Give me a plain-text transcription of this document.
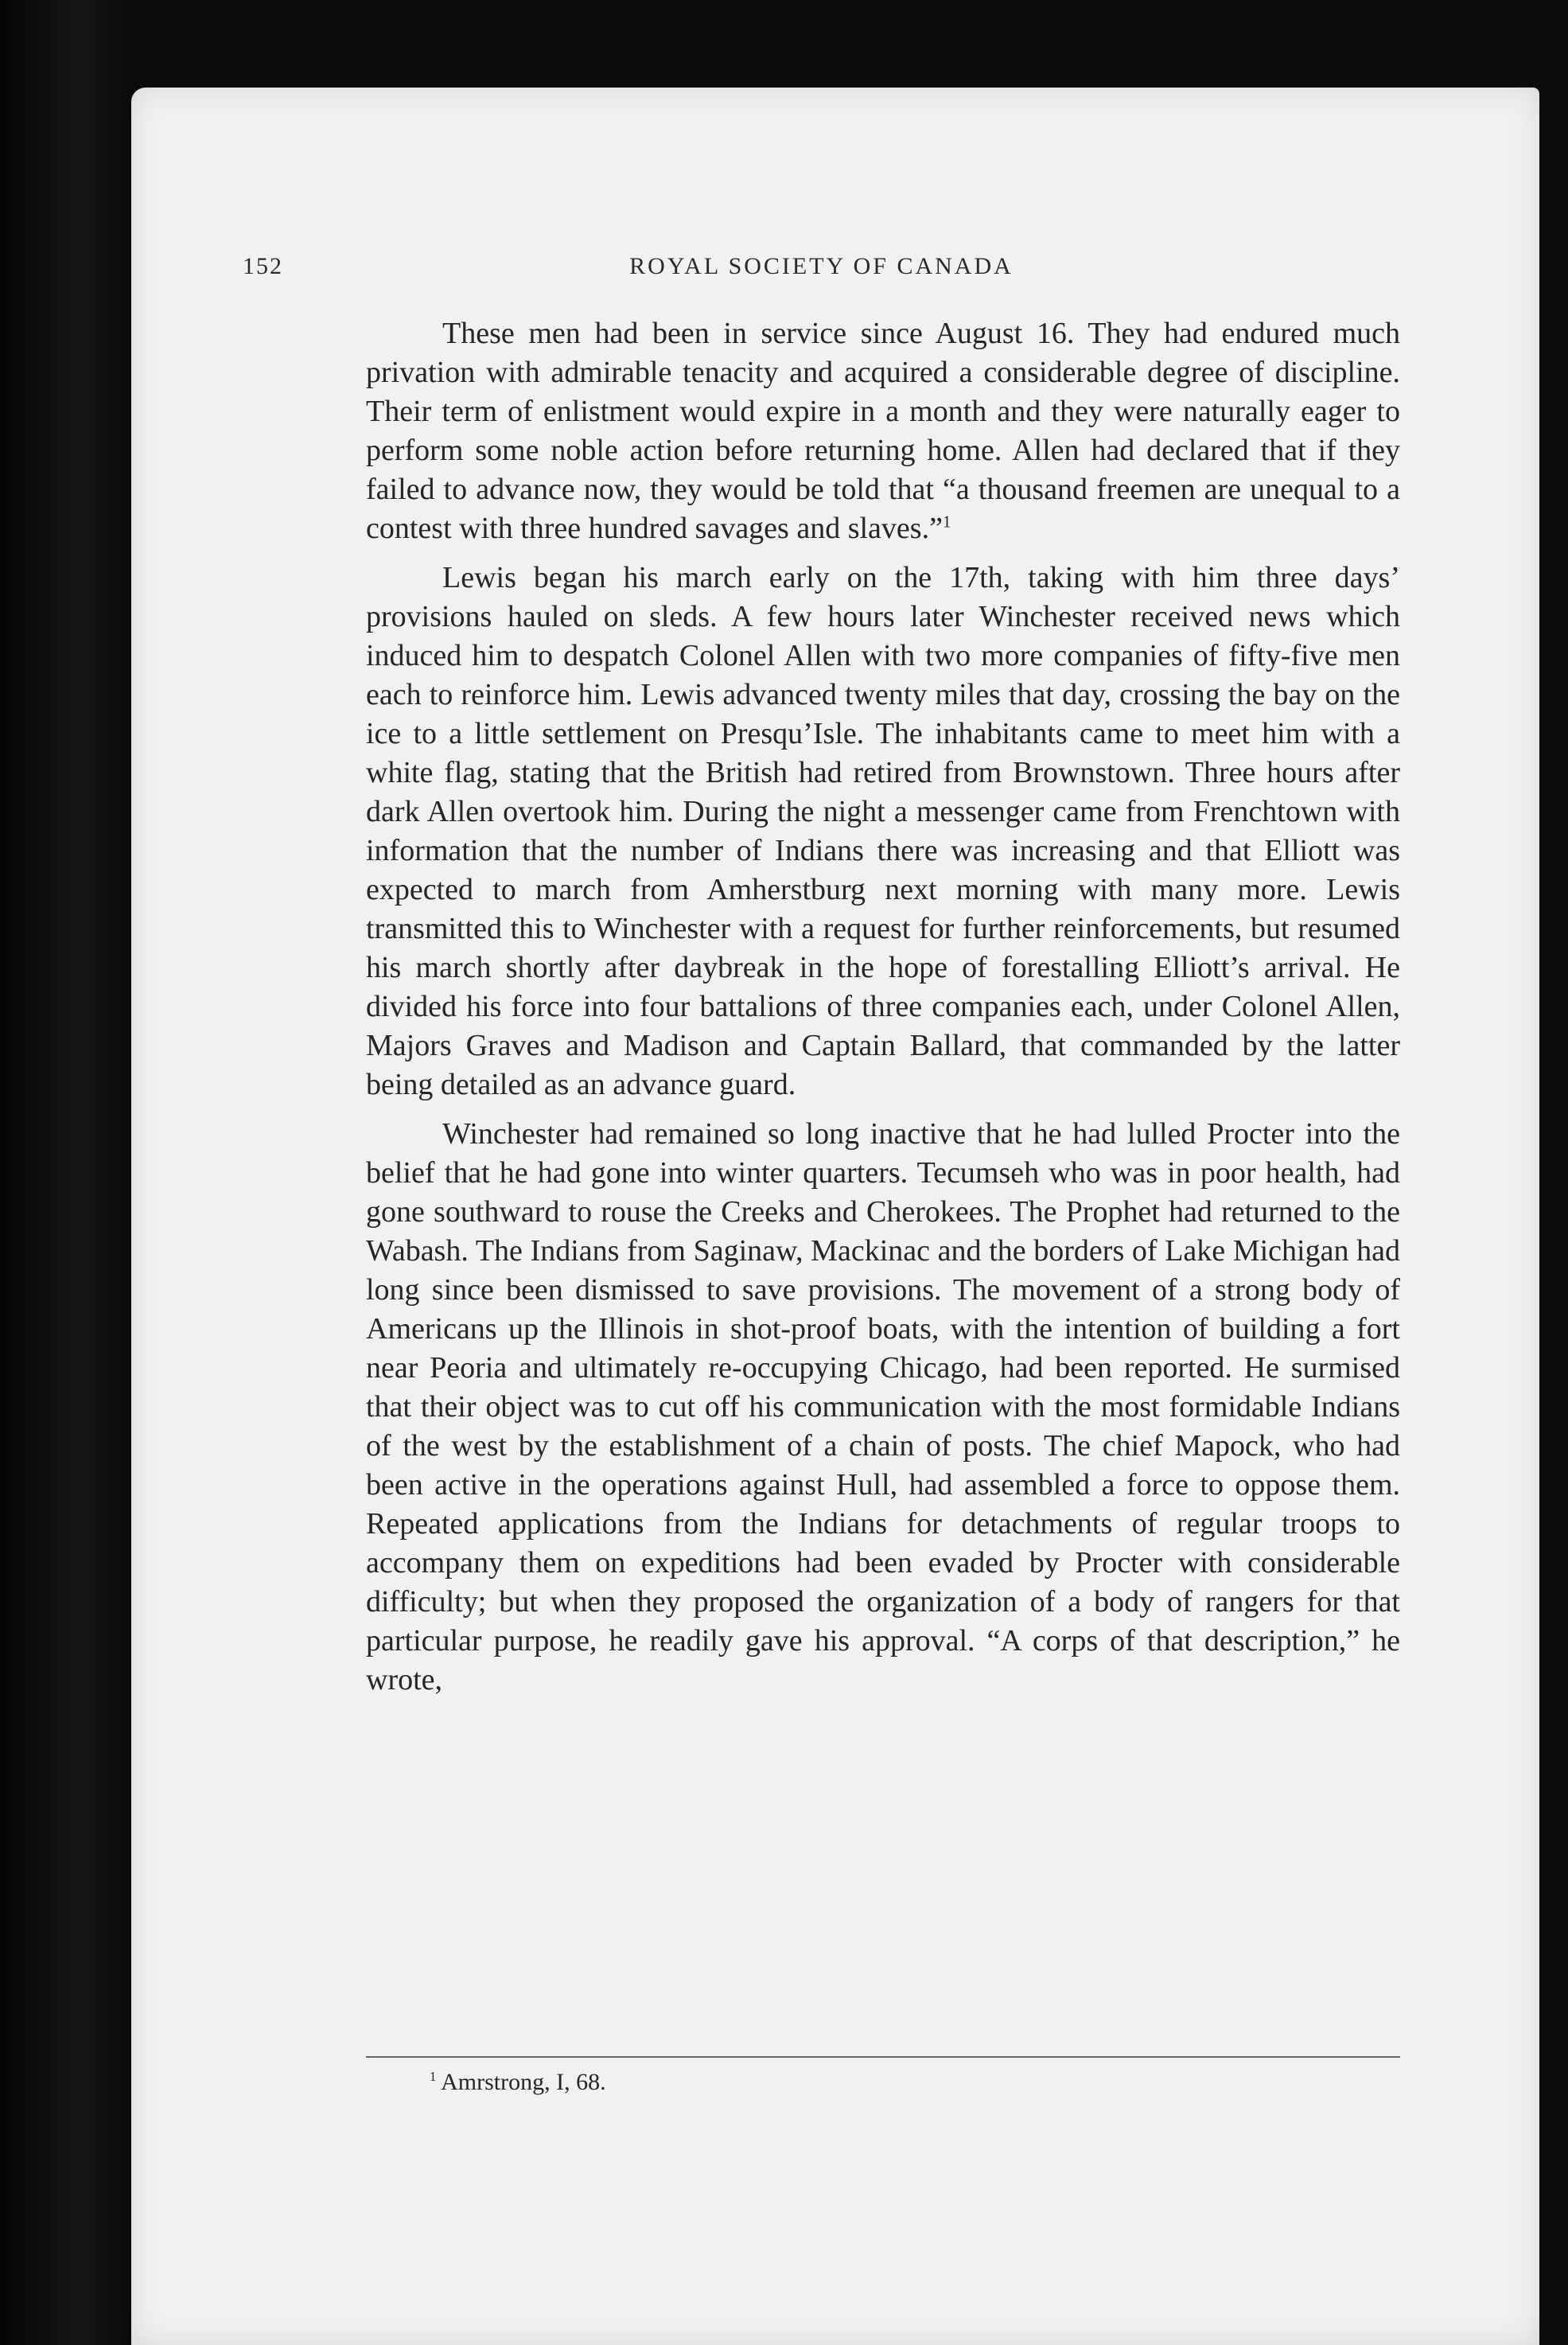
152	ROYAL SOCIETY OF CANADA

These men had been in service since August 16. They had endured much privation with admirable tenacity and acquired a considerable degree of discipline. Their term of enlistment would expire in a month and they were naturally eager to perform some noble action before returning home. Allen had declared that if they failed to advance now, they would be told that “a thousand freemen are unequal to a contest with three hundred savages and slaves.”$^1$

Lewis began his march early on the 17th, taking with him three days’ provisions hauled on sleds. A few hours later Winchester received news which induced him to despatch Colonel Allen with two more companies of fifty-five men each to reinforce him. Lewis advanced twenty miles that day, crossing the bay on the ice to a little settlement on Presqu’Isle. The inhabitants came to meet him with a white flag, stating that the British had retired from Brownstown. Three hours after dark Allen overtook him. During the night a messenger came from Frenchtown with information that the number of Indians there was increasing and that Elliott was expected to march from Amherstburg next morning with many more. Lewis transmitted this to Winchester with a request for further reinforcements, but resumed his march shortly after daybreak in the hope of forestalling Elliott’s arrival. He divided his force into four battalions of three companies each, under Colonel Allen, Majors Graves and Madison and Captain Ballard, that commanded by the latter being detailed as an advance guard.

Winchester had remained so long inactive that he had lulled Procter into the belief that he had gone into winter quarters. Tecumseh who was in poor health, had gone southward to rouse the Creeks and Cherokees. The Prophet had returned to the Wabash. The Indians from Saginaw, Mackinac and the borders of Lake Michigan had long since been dismissed to save provisions. The movement of a strong body of Americans up the Illinois in shot-proof boats, with the intention of building a fort near Peoria and ultimately re-occupying Chicago, had been reported. He surmised that their object was to cut off his communication with the most formidable Indians of the west by the establishment of a chain of posts. The chief Mapock, who had been active in the operations against Hull, had assembled a force to oppose them. Repeated applications from the Indians for detachments of regular troops to accompany them on expeditions had been evaded by Procter with considerable difficulty; but when they proposed the organization of a body of rangers for that particular purpose, he readily gave his approval. “A corps of that description,” he wrote,

$^1$ Amrstrong, I, 68.
